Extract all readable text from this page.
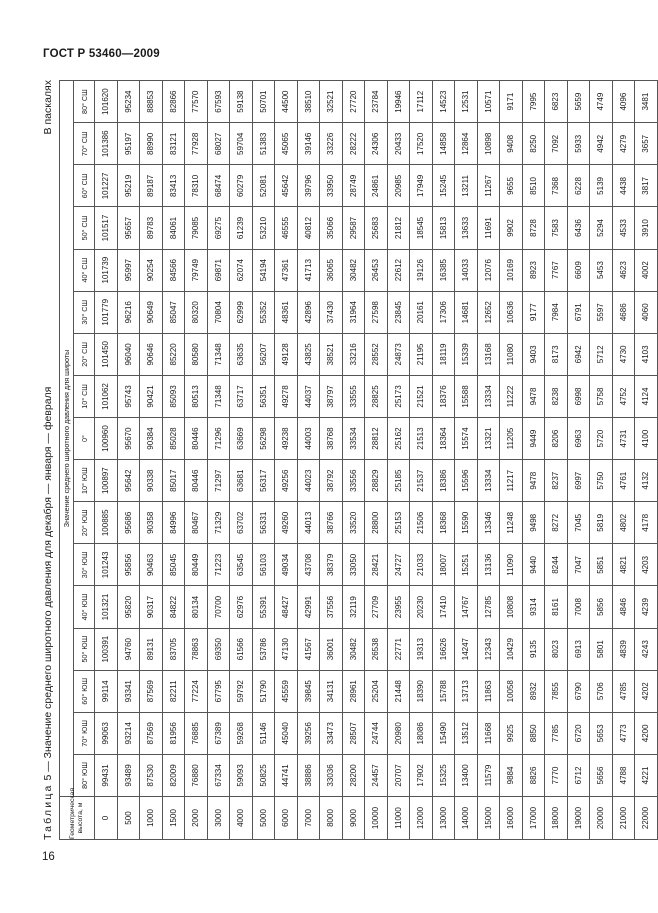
ГОСТ Р 53460—2009
Таблица 5 — Значение среднего широтного давления для декабря — января — февраля
В паскалях
Геометрическая высота, м	Значение среднего широтного давления для широты																
	80° ЮШ	70° ЮШ	60° ЮШ	50° ЮШ	40° ЮШ	30° ЮШ	20° ЮШ	10° ЮШ	0°	10° СШ	20° СШ	30° СШ	40° СШ	50° СШ	60° СШ	70° СШ	80° СШ
0	99431	99063	99114	100391	101321	101243	100885	100897	100960	101062	101450	101779	101739	101517	101227	101386	101620
500	93489	93214	93341	94760	95820	95856	95686	95642	95670	95743	96040	96216	95997	95657	95219	95197	95234
1000	87530	87569	87569	89131	90317	90463	90358	90338	90384	90421	90646	90649	90254	89783	89187	88990	88853
1500	82009	81956	82211	83705	84822	85045	84996	85017	85028	85093	85220	85047	84566	84061	83413	83121	82866
2000	76880	76885	77224	78863	80134	80449	80467	80446	80446	80513	80580	80320	79749	79085	78310	77928	77570
3000	67334	67389	67795	69350	70700	71223	71329	71297	71296	71348	71348	70804	69871	69275	68474	68027	67593
4000	59093	59268	59792	61566	62976	63545	63702	63681	63669	63717	63635	62999	62074	61239	60279	59704	59138
5000	50825	51146	51790	53786	55391	56103	56331	56317	56298	56351	56207	55352	54194	53210	52081	51383	50701
6000	44741	45040	45559	47130	48427	49034	49260	49256	49238	49278	49128	48361	47361	46555	45642	45065	44500
7000	38886	39256	39845	41567	42991	43708	44013	44023	44003	44037	43825	42896	41713	40812	39796	39146	38510
8000	33036	33473	34131	36001	37556	38379	38766	38792	38768	38797	38521	37430	36065	35066	33950	33226	32521
9000	28200	28507	28961	30482	32119	33050	33520	33556	33534	33555	33216	31964	30482	29587	28749	28222	27720
10000	24457	24744	25204	26538	27709	28421	28800	28829	28812	28825	28552	27598	26453	25683	24861	24306	23784
11000	20707	20980	21448	22771	23955	24727	25153	25185	25162	25173	24873	23845	22612	21812	20985	20433	19946
12000	17902	18086	18390	19313	20230	21033	21506	21537	21513	21521	21195	20161	19126	18545	17949	17520	17112
13000	15325	15490	15788	16626	17410	18007	18368	18386	18364	18376	18119	17306	16385	15813	15245	14858	14523
14000	13400	13512	13713	14247	14767	15251	15590	15596	15574	15588	15339	14681	14033	13633	13211	12864	12531
15000	11579	11668	11863	12343	12785	13136	13346	13334	13321	13334	13168	12652	12076	11691	11267	10898	10571
16000	9884	9925	10058	10429	10808	11090	11248	11217	11205	11222	11080	10636	10169	9902	9655	9408	9171
17000	8826	8850	8932	9135	9314	9440	9498	9478	9449	9478	9403	9177	8923	8728	8510	8250	7995
18000	7770	7785	7855	8023	8161	8244	8272	8237	8206	8238	8173	7984	7767	7583	7368	7092	6823
19000	6712	6720	6790	6913	7008	7047	7045	6997	6963	6998	6942	6791	6609	6436	6228	5933	5659
20000	5656	5653	5706	5801	5856	5851	5819	5750	5720	5758	5712	5597	5453	5294	5139	4942	4749
21000	4788	4773	4785	4839	4846	4821	4802	4761	4731	4752	4730	4686	4623	4533	4438	4279	4096
22000	4221	4200	4202	4243	4239	4203	4178	4132	4100	4124	4103	4060	4002	3910	3817	3657	3481
16
